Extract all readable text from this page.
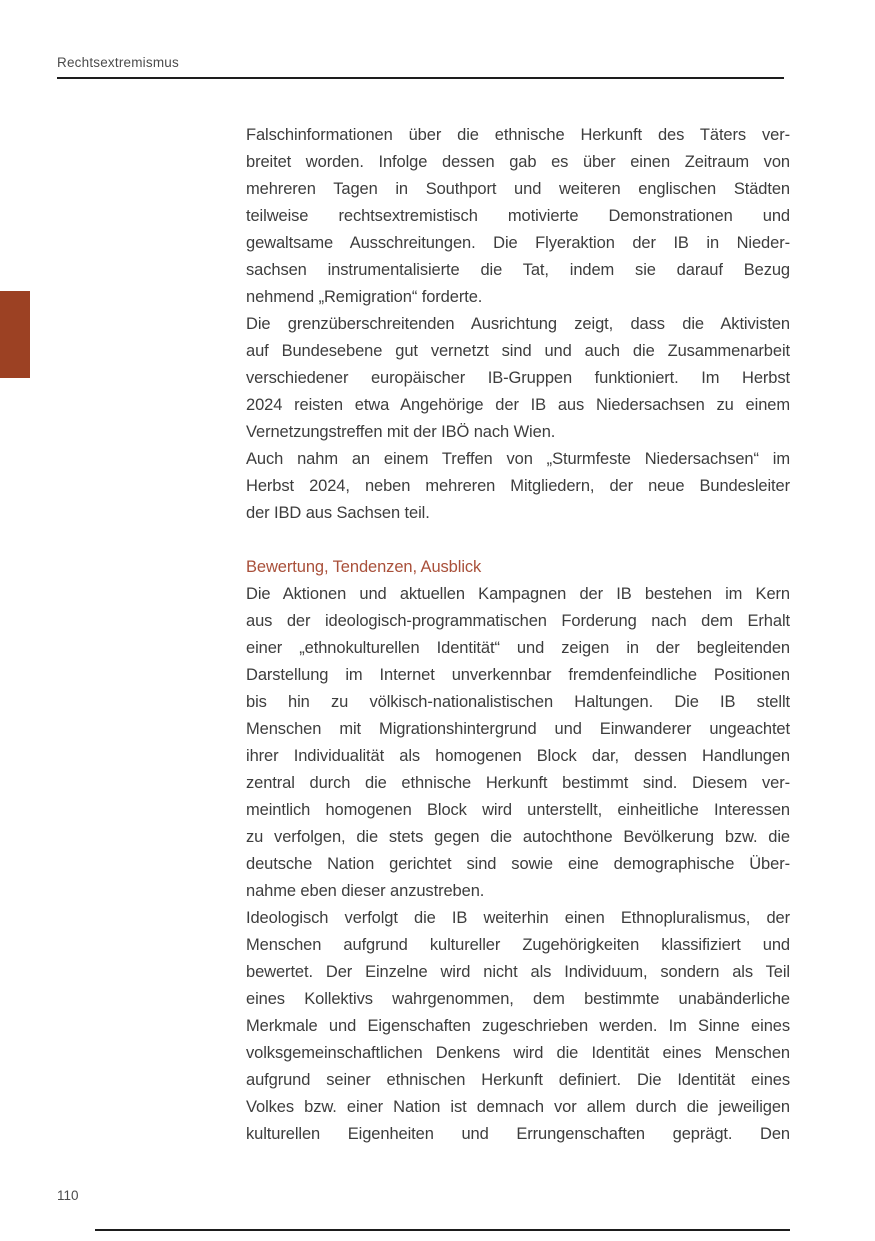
Rechtsextremismus
Falschinformationen über die ethnische Herkunft des Täters ver-
breitet worden. Infolge dessen gab es über einen Zeitraum von
mehreren Tagen in Southport und weiteren englischen Städten
teilweise rechtsextremistisch motivierte Demonstrationen und
gewaltsame Ausschreitungen. Die Flyeraktion der IB in Nieder-
sachsen instrumentalisierte die Tat, indem sie darauf Bezug
nehmend „Remigration“ forderte.
Die grenzüberschreitenden Ausrichtung zeigt, dass die Aktivisten
auf Bundesebene gut vernetzt sind und auch die Zusammenarbeit
verschiedener europäischer IB-Gruppen funktioniert. Im Herbst
2024 reisten etwa Angehörige der IB aus Niedersachsen zu einem
Vernetzungstreffen mit der IBÖ nach Wien.
Auch nahm an einem Treffen von „Sturmfeste Niedersachsen“ im
Herbst 2024, neben mehreren Mitgliedern, der neue Bundesleiter
der IBD aus Sachsen teil.
Bewertung, Tendenzen, Ausblick
Die Aktionen und aktuellen Kampagnen der IB bestehen im Kern
aus der ideologisch-programmatischen Forderung nach dem Erhalt
einer „ethnokulturellen Identität“ und zeigen in der begleitenden
Darstellung im Internet unverkennbar fremdenfeindliche Positionen
bis hin zu völkisch-nationalistischen Haltungen. Die IB stellt
Menschen mit Migrationshintergrund und Einwanderer ungeachtet
ihrer Individualität als homogenen Block dar, dessen Handlungen
zentral durch die ethnische Herkunft bestimmt sind. Diesem ver-
meintlich homogenen Block wird unterstellt, einheitliche Interessen
zu verfolgen, die stets gegen die autochthone Bevölkerung bzw. die
deutsche Nation gerichtet sind sowie eine demographische Über-
nahme eben dieser anzustreben.
Ideologisch verfolgt die IB weiterhin einen Ethnopluralismus, der
Menschen aufgrund kultureller Zugehörigkeiten klassifiziert und
bewertet. Der Einzelne wird nicht als Individuum, sondern als Teil
eines Kollektivs wahrgenommen, dem bestimmte unabänderliche
Merkmale und Eigenschaften zugeschrieben werden. Im Sinne eines
volksgemeinschaftlichen Denkens wird die Identität eines Menschen
aufgrund seiner ethnischen Herkunft definiert. Die Identität eines
Volkes bzw. einer Nation ist demnach vor allem durch die jeweiligen
kulturellen Eigenheiten und Errungenschaften geprägt. Den
110
